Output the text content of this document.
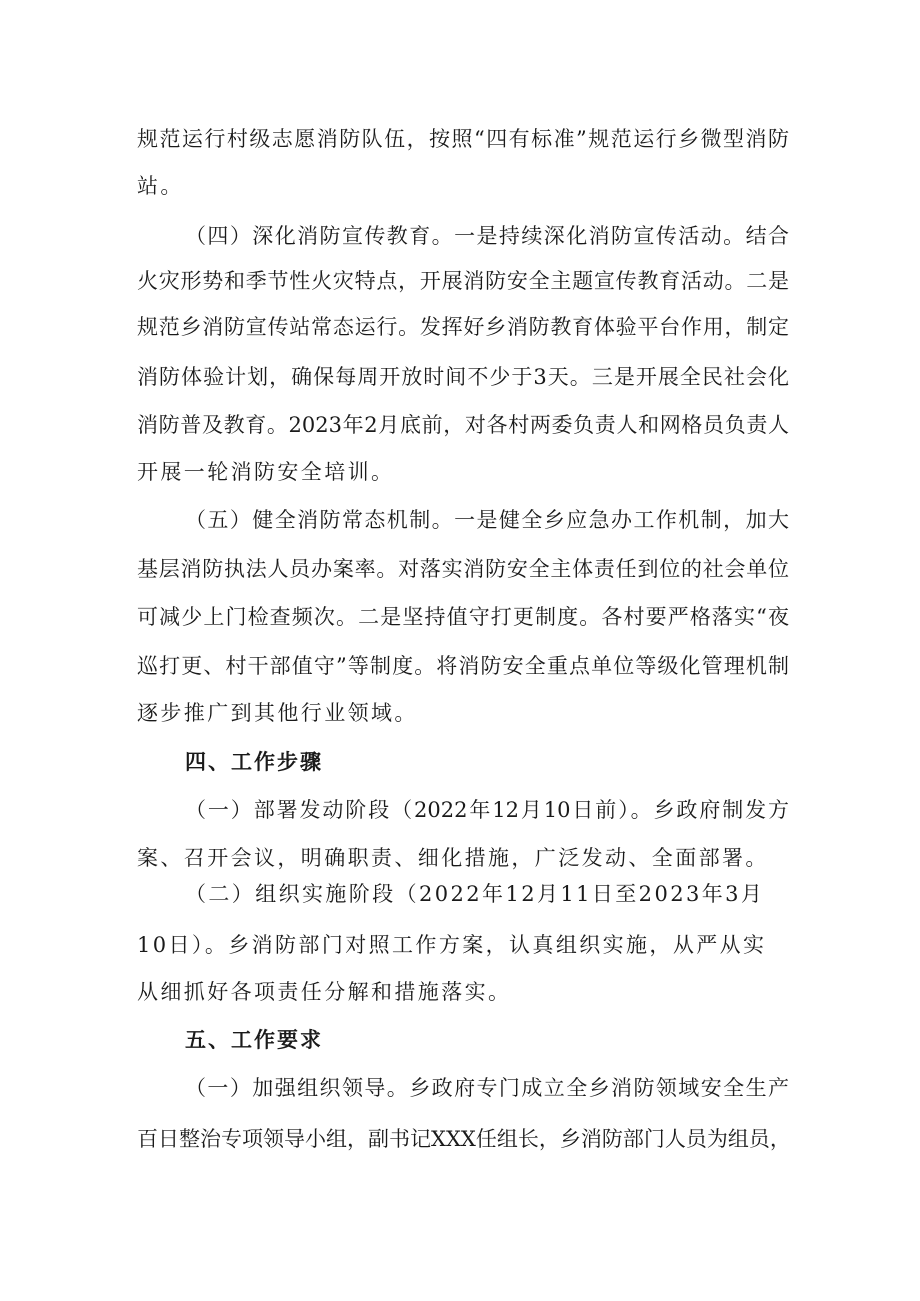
规范运行村级志愿消防队伍，按照“四有标准”规范运行乡微型消防
站。
（四）深化消防宣传教育。一是持续深化消防宣传活动。结合
火灾形势和季节性火灾特点，开展消防安全主题宣传教育活动。二是
规范乡消防宣传站常态运行。发挥好乡消防教育体验平台作用，制定
消防体验计划，确保每周开放时间不少于3天。三是开展全民社会化
消防普及教育。2023年2月底前，对各村两委负责人和网格员负责人
开展一轮消防安全培训。
（五）健全消防常态机制。一是健全乡应急办工作机制，加大
基层消防执法人员办案率。对落实消防安全主体责任到位的社会单位
可减少上门检查频次。二是坚持值守打更制度。各村要严格落实“夜
巡打更、村干部值守”等制度。将消防安全重点单位等级化管理机制
逐步推广到其他行业领域。
四、工作步骤
（一）部署发动阶段（2022年12月10日前）。乡政府制发方
案、召开会议，明确职责、细化措施，广泛发动、全面部署。
（二）组织实施阶段（2022年12月11日至2023年3月
10日）。乡消防部门对照工作方案，认真组织实施，从严从实
从细抓好各项责任分解和措施落实。
五、工作要求
（一）加强组织领导。乡政府专门成立全乡消防领域安全生产
百日整治专项领导小组，副书记XXX任组长，乡消防部门人员为组员，
